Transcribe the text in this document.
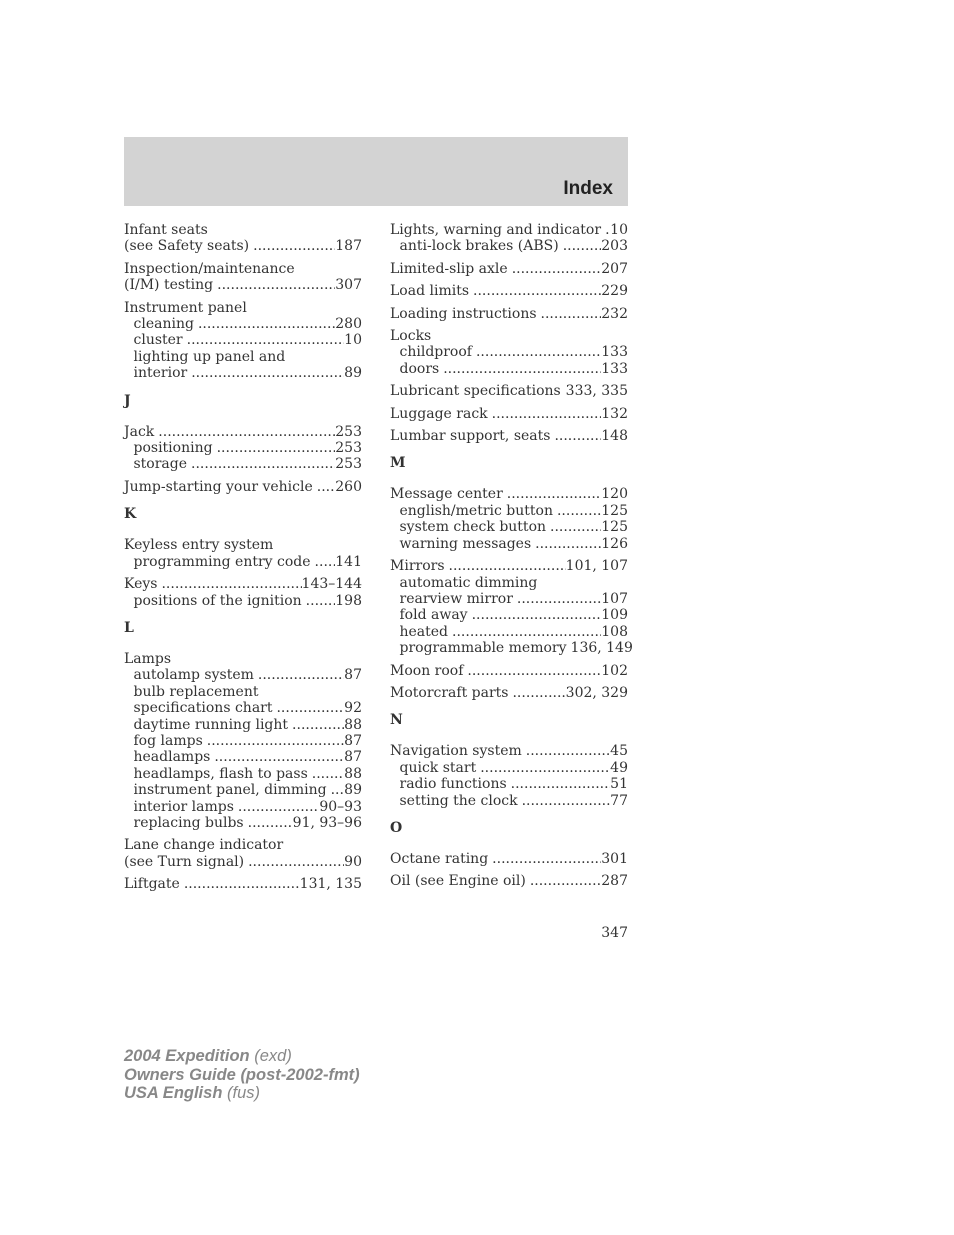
Index
Infant seats
(see Safety seats) .....	187
Inspection/maintenance
(I/M) testing .....	307
Instrument panel
cleaning .....	280
cluster .....	10
lighting up panel and
interior .....	89
J
Jack .....	253
positioning .....	253
storage .....	253
Jump-starting your vehicle ..... 260
K
Keyless entry system
programming entry code ..... 141
Keys .....	143–144
positions of the ignition ..... 198
L
Lamps
autolamp system .....	87
bulb replacement
specifications chart .....	92
daytime running light .....	88
fog lamps .....	87
headlamps .....	87
headlamps, flash to pass .....	88
instrument panel, dimming ..... 89
interior lamps .....	90–93
replacing bulbs .....	91, 93–96
Lane change indicator
(see Turn signal) .....	90
Liftgate .....	131, 135
Lights, warning and indicator ..... 10
anti-lock brakes (ABS) .....	203
Limited-slip axle .....	207
Load limits .....	229
Loading instructions .....	232
Locks
childproof .....	133
doors .....	133
Lubricant specifications ..... 333, 335
Luggage rack .....	132
Lumbar support, seats .....	148
M
Message center .....	120
english/metric button .....	125
system check button .....	125
warning messages .....	126
Mirrors .....	101, 107
automatic dimming
rearview mirror .....	107
fold away .....	109
heated .....	108
programmable memory 136, 149
Moon roof .....	102
Motorcraft parts .....	302, 329
N
Navigation system .....	45
quick start .....	49
radio functions .....	51
setting the clock .....	77
O
Octane rating .....	301
Oil (see Engine oil) .....	287
347
2004 Expedition (exd)
Owners Guide (post-2002-fmt)
USA English (fus)
